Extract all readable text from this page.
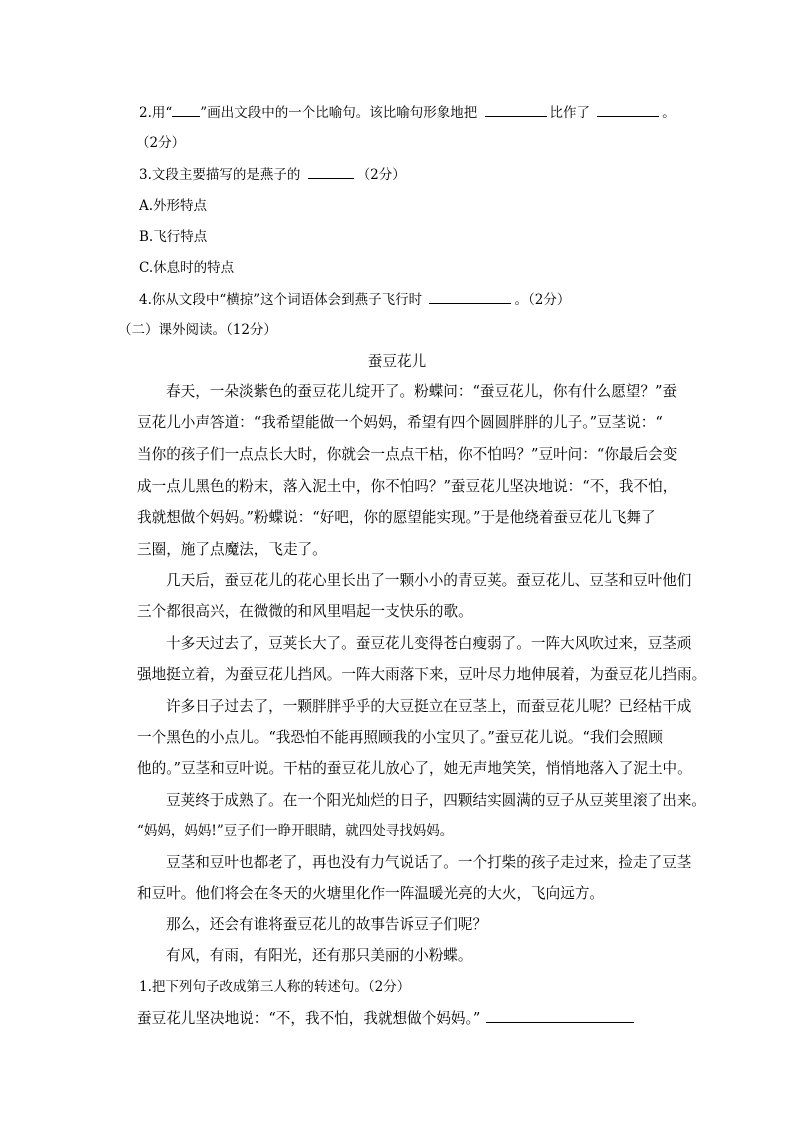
2.用“ ”画出文段中的一个比喻句。该比喻句形象地把	比作了	。
（2分）
3.文段主要描写的是燕子的	（2分）
A.外形特点
B.飞行特点
C.休息时的特点
4.你从文段中“横掠”这个词语体会到燕子飞行时	。（2分）
（二）课外阅读。（12分）
蚕豆花儿
春天，一朵淡紫色的蚕豆花儿绽开了。粉蝶问：“蚕豆花儿，你有什么愿望？”蚕
豆花儿小声答道：“我希望能做一个妈妈，希望有四个圆圆胖胖的儿子。”豆茎说：“
当你的孩子们一点点长大时，你就会一点点干枯，你不怕吗？”豆叶问：“你最后会变
成一点儿黑色的粉末，落入泥土中，你不怕吗？”蚕豆花儿坚决地说：“不，我不怕，
我就想做个妈妈。”粉蝶说：“好吧，你的愿望能实现。”于是他绕着蚕豆花儿飞舞了
三圈，施了点魔法，飞走了。
几天后，蚕豆花儿的花心里长出了一颗小小的青豆荚。蚕豆花儿、豆茎和豆叶他们
三个都很高兴，在微微的和风里唱起一支快乐的歌。
十多天过去了，豆荚长大了。蚕豆花儿变得苍白瘦弱了。一阵大风吹过来，豆茎顽
强地挺立着，为蚕豆花儿挡风。一阵大雨落下来，豆叶尽力地伸展着，为蚕豆花儿挡雨。
许多日子过去了，一颗胖胖乎乎的大豆挺立在豆茎上，而蚕豆花儿呢？已经枯干成
一个黑色的小点儿。“我恐怕不能再照顾我的小宝贝了。”蚕豆花儿说。“我们会照顾
他的。”豆茎和豆叶说。干枯的蚕豆花儿放心了，她无声地笑笑，悄悄地落入了泥土中。
豆荚终于成熟了。在一个阳光灿烂的日子，四颗结实圆满的豆子从豆荚里滚了出来。
“妈妈，妈妈!”豆子们一睁开眼睛，就四处寻找妈妈。
豆茎和豆叶也都老了，再也没有力气说话了。一个打柴的孩子走过来，捡走了豆茎
和豆叶。他们将会在冬天的火塘里化作一阵温暖光亮的大火，飞向远方。
那么，还会有谁将蚕豆花儿的故事告诉豆子们呢？
有风，有雨，有阳光，还有那只美丽的小粉蝶。
1.把下列句子改成第三人称的转述句。（2分）
蚕豆花儿坚决地说：“不，我不怕，我就想做个妈妈。”
